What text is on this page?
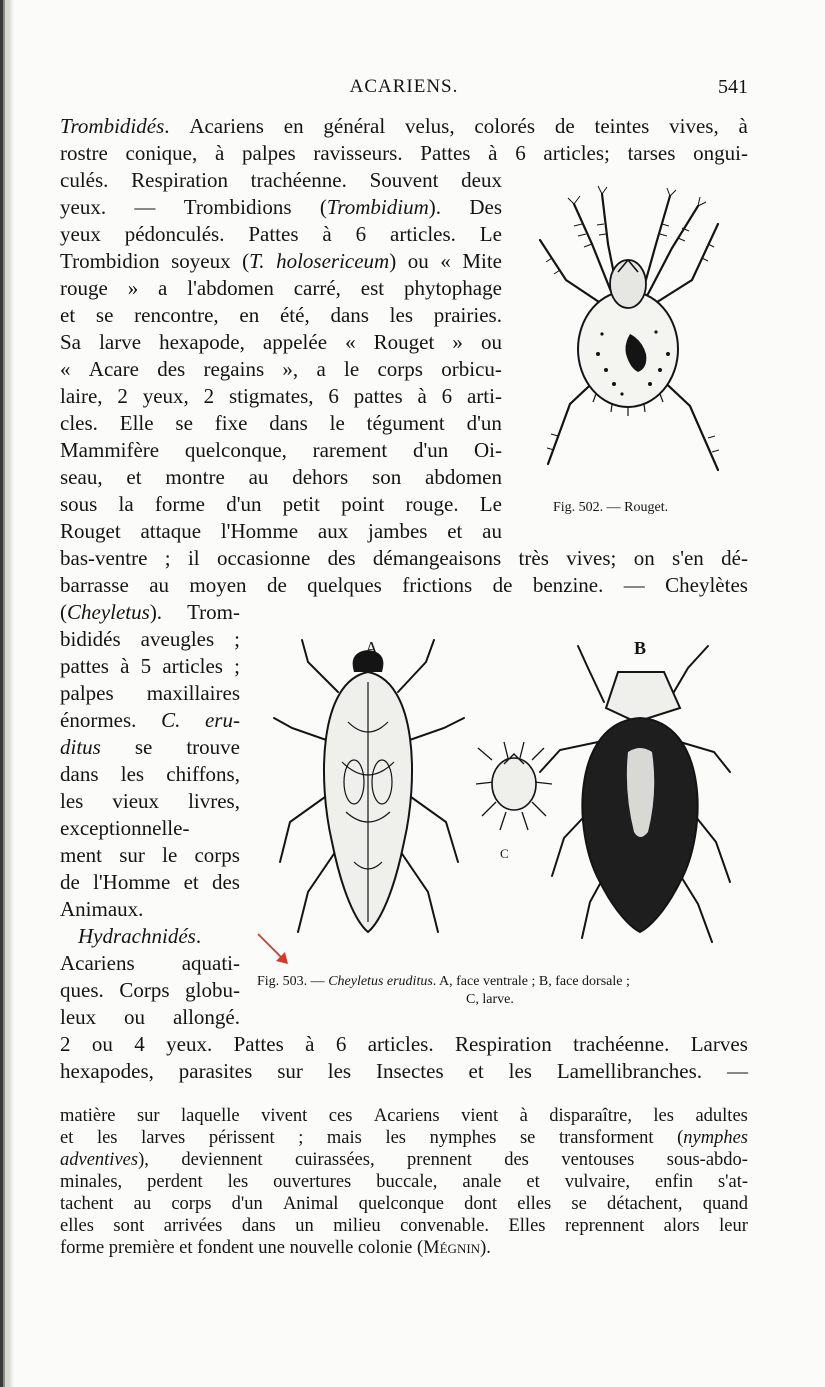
ACARIENS.	541
Trombididés. Acariens en général velus, colorés de teintes vives, à
rostre conique, à palpes ravisseurs. Pattes à 6 articles; tarses ongui-
culés. Respiration trachéenne. Souvent deux
yeux. — Trombidions (Trombidium). Des
yeux pédonculés. Pattes à 6 articles. Le
Trombidion soyeux (T. holosericeum) ou « Mite
rouge » a l'abdomen carré, est phytophage
et se rencontre, en été, dans les prairies.
Sa larve hexapode, appelée « Rouget » ou
« Acare des regains », a le corps orbicu-
laire, 2 yeux, 2 stigmates, 6 pattes à 6 arti-
cles. Elle se fixe dans le tégument d'un
Mammifère quelconque, rarement d'un Oi-
seau, et montre au dehors son abdomen
sous la forme d'un petit point rouge. Le
Rouget attaque l'Homme aux jambes et au
bas-ventre ; il occasionne des démangeaisons très vives; on s'en dé-
barrasse au moyen de quelques frictions de benzine. — Cheylètes
(Cheyletus). Trom-
bididés aveugles ;
pattes à 5 articles ;
palpes maxillaires
énormes. C. eru-
ditus se trouve
dans les chiffons,
les vieux livres,
exceptionnelle-
ment sur le corps
de l'Homme et des
Animaux.
Hydrachnidés.
Acariens aquati-
ques. Corps globu-
leux ou allongé.
2 ou 4 yeux. Pattes à 6 articles. Respiration trachéenne. Larves
hexapodes, parasites sur les Insectes et les Lamellibranches. —
matière sur laquelle vivent ces Acariens vient à disparaître, les adultes
et les larves périssent ; mais les nymphes se transforment (nymphes
adventives), deviennent cuirassées, prennent des ventouses sous-abdo-
minales, perdent les ouvertures buccale, anale et vulvaire, enfin s'at-
tachent au corps d'un Animal quelconque dont elles se détachent, quand
elles sont arrivées dans un milieu convenable. Elles reprennent alors leur
forme première et fondent une nouvelle colonie (Mégnin).
Fig. 502. — Rouget.
A	B
C
Fig. 503. — Cheyletus eruditus. A, face ventrale ; B, face dorsale ;
C, larve.
